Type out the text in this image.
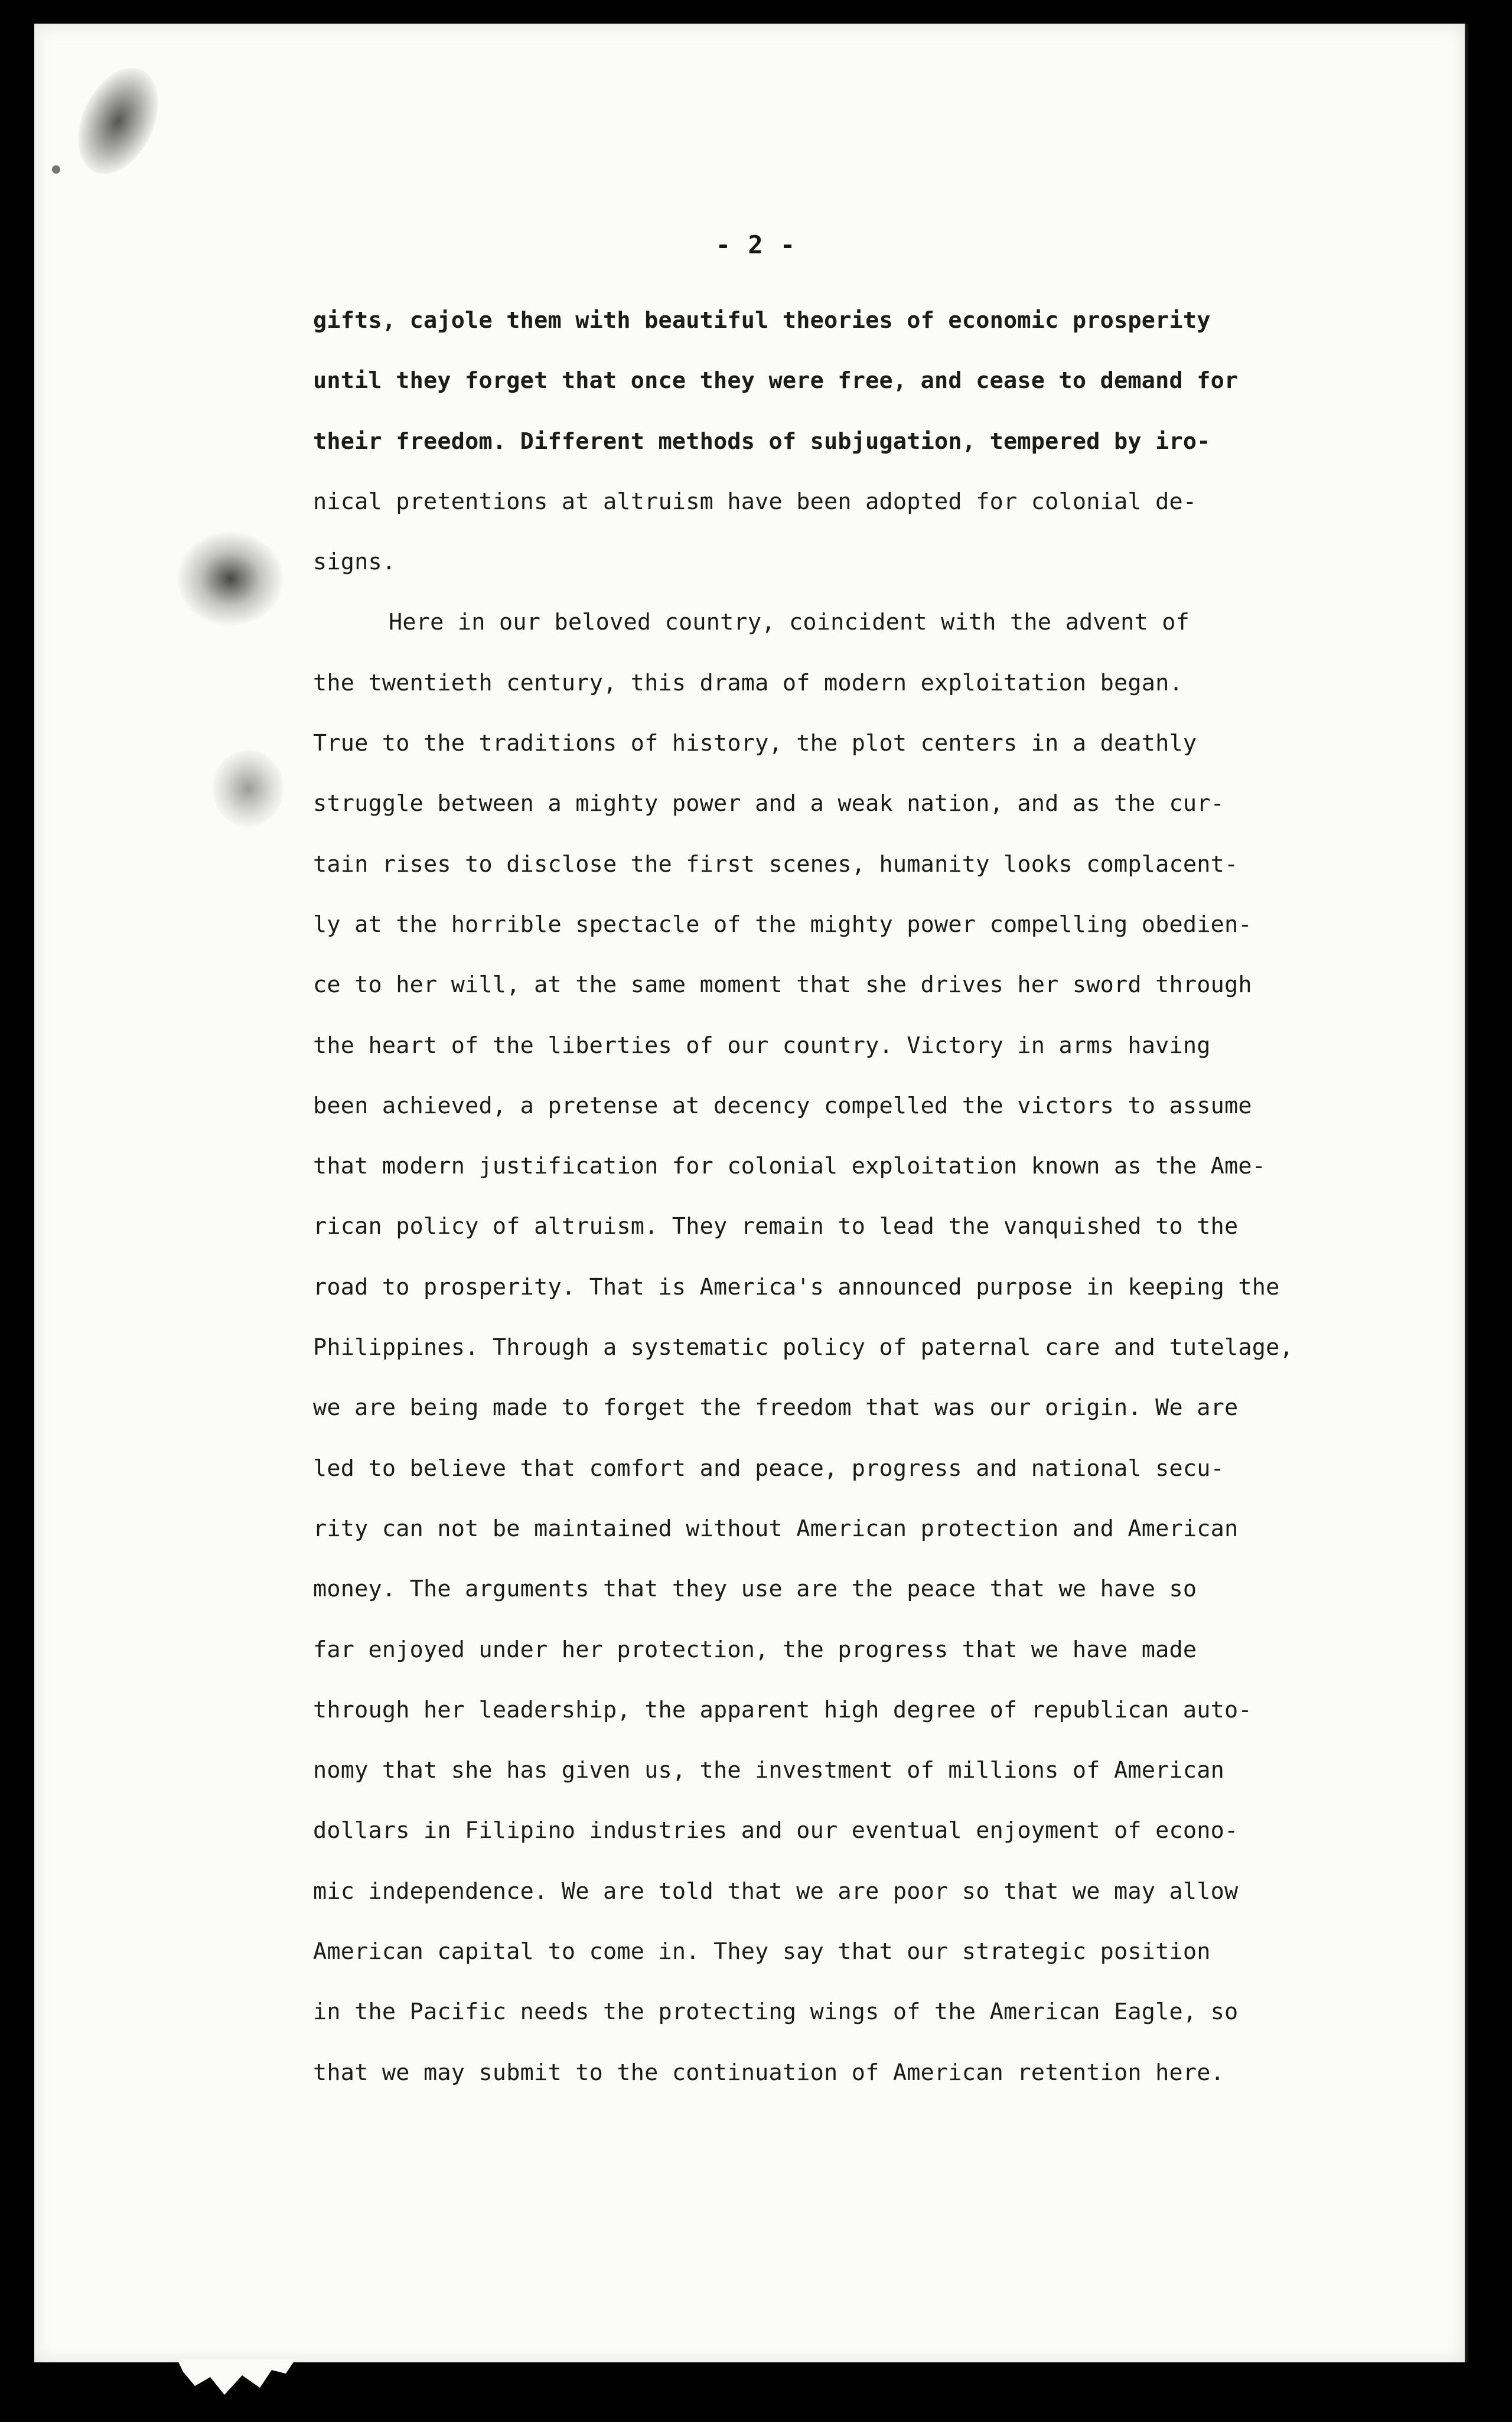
- 2 -

gifts, cajole them with beautiful theories of economic prosperity
until they forget that once they were free, and cease to demand for
their freedom. Different methods of subjugation, tempered by iro-
nical pretentions at altruism have been adopted for colonial de-
signs.
Here in our beloved country, coincident with the advent of
the twentieth century, this drama of modern exploitation began.
True to the traditions of history, the plot centers in a deathly
struggle between a mighty power and a weak nation, and as the cur-
tain rises to disclose the first scenes, humanity looks complacent-
ly at the horrible spectacle of the mighty power compelling obedien-
ce to her will, at the same moment that she drives her sword through
the heart of the liberties of our country. Victory in arms having
been achieved, a pretense at decency compelled the victors to assume
that modern justification for colonial exploitation known as the Ame-
rican policy of altruism. They remain to lead the vanquished to the
road to prosperity. That is America's announced purpose in keeping the
Philippines. Through a systematic policy of paternal care and tutelage,
we are being made to forget the freedom that was our origin. We are
led to believe that comfort and peace, progress and national secu-
rity can not be maintained without American protection and American
money. The arguments that they use are the peace that we have so
far enjoyed under her protection, the progress that we have made
through her leadership, the apparent high degree of republican auto-
nomy that she has given us, the investment of millions of American
dollars in Filipino industries and our eventual enjoyment of econo-
mic independence. We are told that we are poor so that we may allow
American capital to come in. They say that our strategic position
in the Pacific needs the protecting wings of the American Eagle, so
that we may submit to the continuation of American retention here.
